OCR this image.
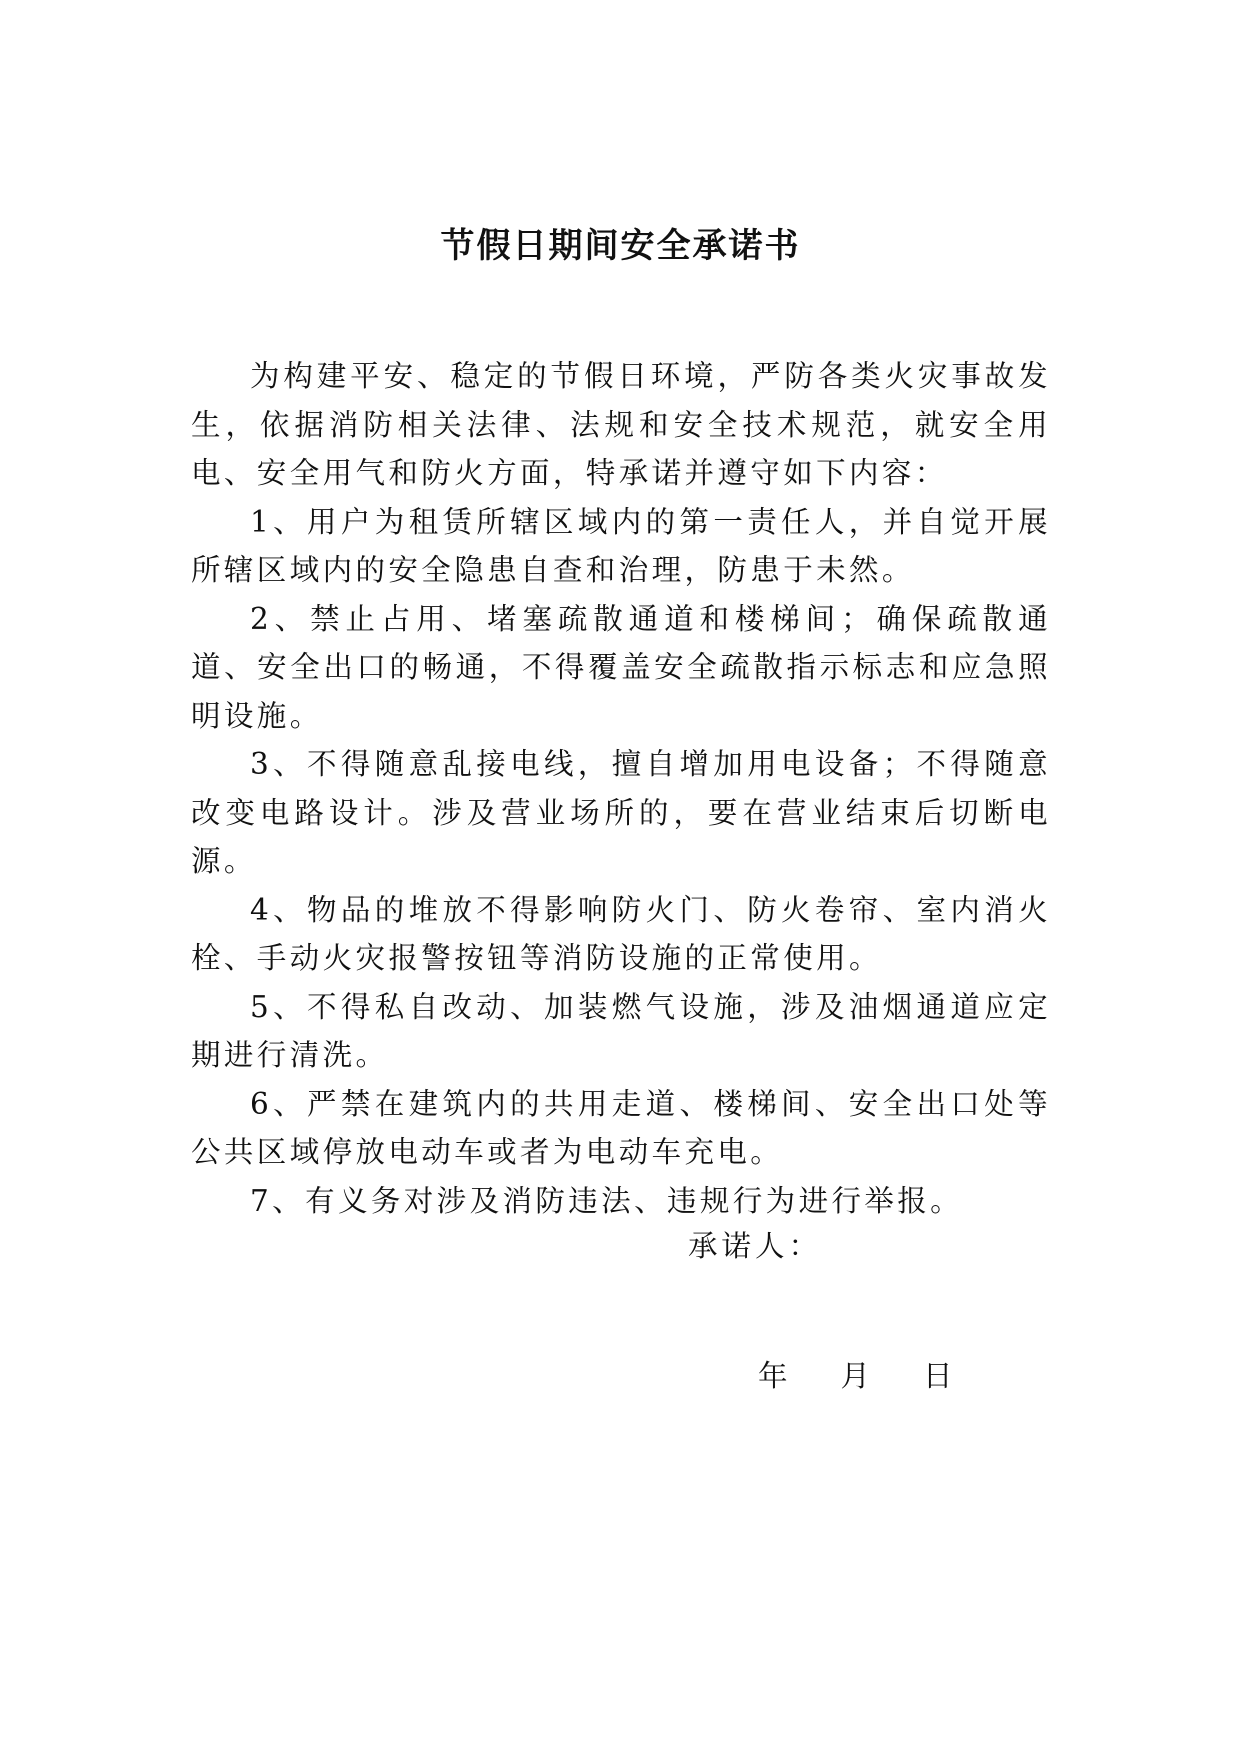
节假日期间安全承诺书

为构建平安、稳定的节假日环境，严防各类火灾事故发生，依据消防相关法律、法规和安全技术规范，就安全用电、安全用气和防火方面，特承诺并遵守如下内容：

1、用户为租赁所辖区域内的第一责任人，并自觉开展所辖区域内的安全隐患自查和治理，防患于未然。

2、禁止占用、堵塞疏散通道和楼梯间；确保疏散通道、安全出口的畅通，不得覆盖安全疏散指示标志和应急照明设施。

3、不得随意乱接电线，擅自增加用电设备；不得随意改变电路设计。涉及营业场所的，要在营业结束后切断电源。

4、物品的堆放不得影响防火门、防火卷帘、室内消火栓、手动火灾报警按钮等消防设施的正常使用。

5、不得私自改动、加装燃气设施，涉及油烟通道应定期进行清洗。

6、严禁在建筑内的共用走道、楼梯间、安全出口处等公共区域停放电动车或者为电动车充电。

7、有义务对涉及消防违法、违规行为进行举报。

承诺人：
年 月 日
